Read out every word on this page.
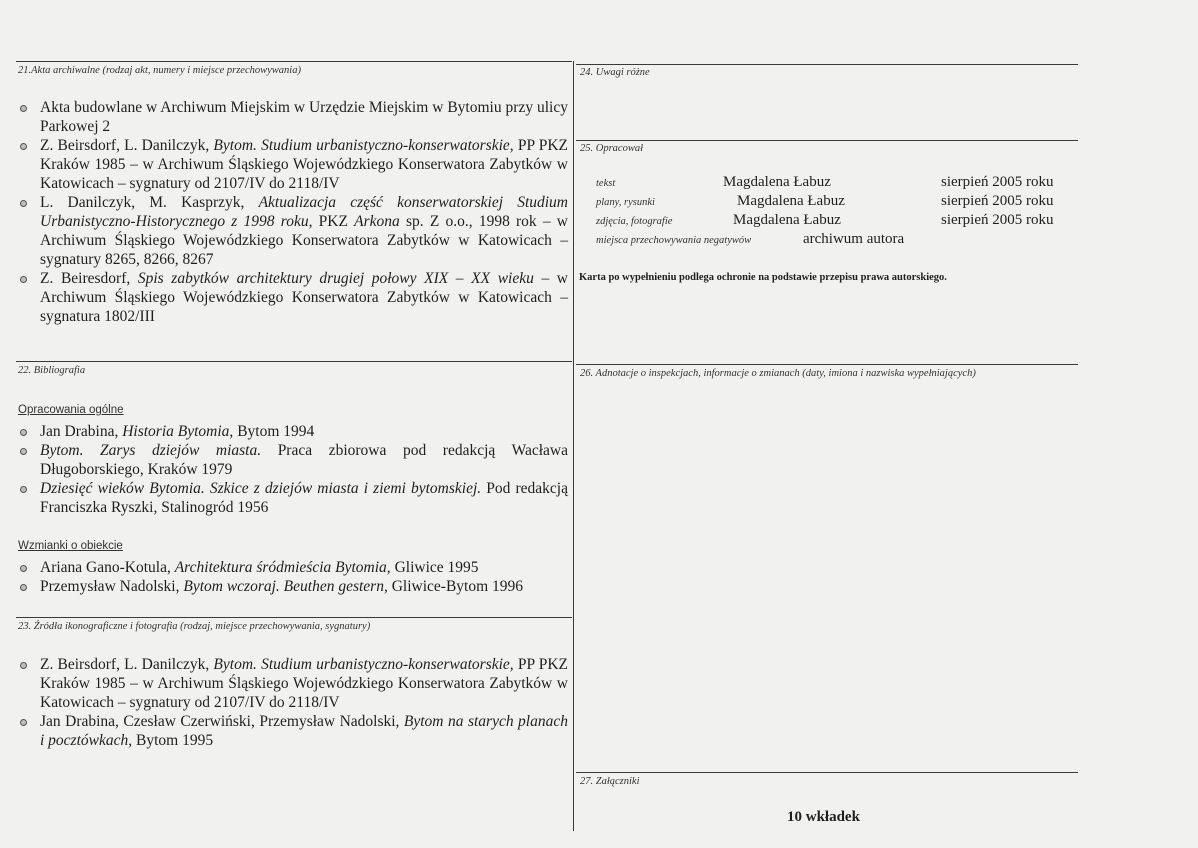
21.Akta archiwalne (rodzaj akt, numery i miejsce przechowywania)
Akta budowlane w Archiwum Miejskim w Urzędzie Miejskim w Bytomiu przy ulicy Parkowej 2
Z. Beirsdorf, L. Danilczyk, Bytom. Studium urbanistyczno-konserwatorskie, PP PKZ Kraków 1985 – w Archiwum Śląskiego Wojewódzkiego Konserwatora Zabytków w Katowicach – sygnatury od 2107/IV do 2118/IV
L. Danilczyk, M. Kasprzyk, Aktualizacja część konserwatorskiej Studium Urbanistyczno-Historycznego z 1998 roku, PKZ Arkona sp. Z o.o., 1998 rok – w Archiwum Śląskiego Wojewódzkiego Konserwatora Zabytków w Katowicach – sygnatury 8265, 8266, 8267
Z. Beiresdorf, Spis zabytków architektury drugiej połowy XIX – XX wieku – w Archiwum Śląskiego Wojewódzkiego Konserwatora Zabytków w Katowicach – sygnatura 1802/III
22. Bibliografia
Opracowania ogólne
Jan Drabina, Historia Bytomia, Bytom 1994
Bytom. Zarys dziejów miasta. Praca zbiorowa pod redakcją Wacława Długoborskiego, Kraków 1979
Dziesięć wieków Bytomia. Szkice z dziejów miasta i ziemi bytomskiej. Pod redakcją Franciszka Ryszki, Stalinogród 1956
Wzmianki o obiekcie
Ariana Gano-Kotula, Architektura śródmieścia Bytomia, Gliwice 1995
Przemysław Nadolski, Bytom wczoraj. Beuthen gestern, Gliwice-Bytom 1996
23. Źródła ikonograficzne i fotografia (rodzaj, miejsce przechowywania, sygnatury)
Z. Beirsdorf, L. Danilczyk, Bytom. Studium urbanistyczno-konserwatorskie, PP PKZ Kraków 1985 – w Archiwum Śląskiego Wojewódzkiego Konserwatora Zabytków w Katowicach – sygnatury od 2107/IV do 2118/IV
Jan Drabina, Czesław Czerwiński, Przemysław Nadolski, Bytom na starych planach i pocztówkach, Bytom 1995
24. Uwagi różne
25. Opracował
tekst	Magdalena Łabuz	sierpień 2005 roku
plany, rysunki	Magdalena Łabuz	sierpień 2005 roku
zdjęcia, fotografie	Magdalena Łabuz	sierpień 2005 roku
miejsca przechowywania negatywów	archiwum autora
Karta po wypełnieniu podlega ochronie na podstawie przepisu prawa autorskiego.
26. Adnotacje o inspekcjach, informacje o zmianach (daty, imiona i nazwiska wypełniających)
27. Załączniki
10 wkładek
